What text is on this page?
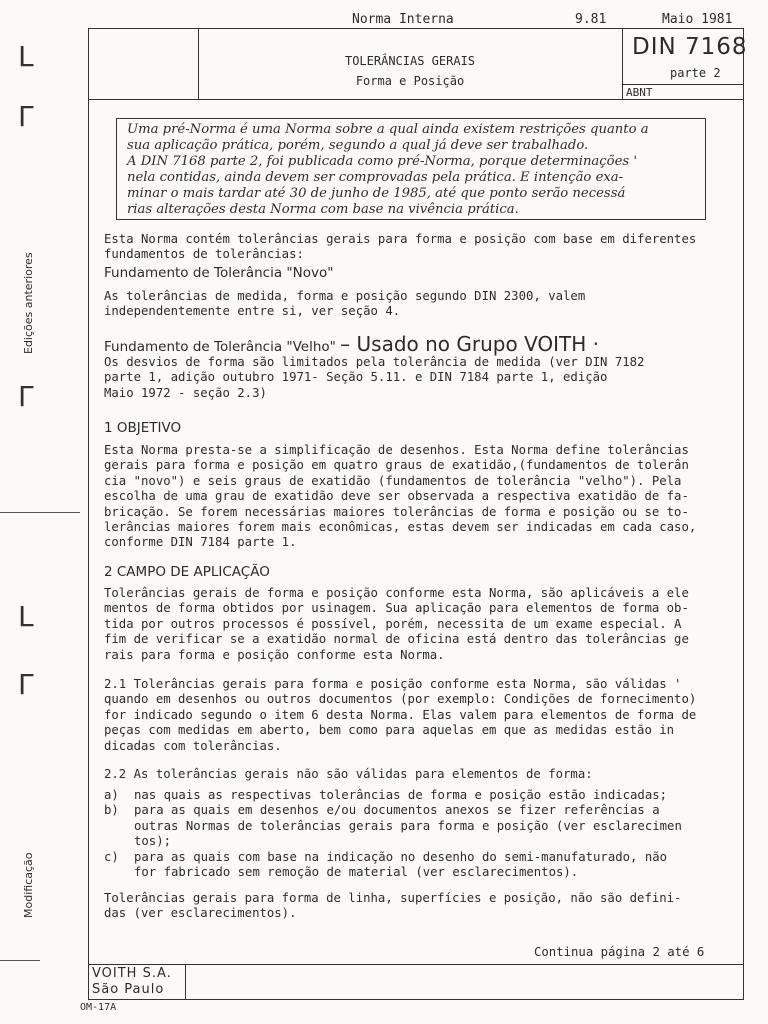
Norma Interna	9.81	Maio 1981
TOLERÂNCIAS GERAIS
Forma e Posição
DIN 7168
parte 2
ABNT
Uma pré-Norma é uma Norma sobre a qual ainda existem restrições quanto a
sua aplicação prática, porém, segundo a qual já deve ser trabalhado.
A DIN 7168 parte 2, foi publicada como pré-Norma, porque determinações '
nela contidas, ainda devem ser comprovadas pela prática. E intenção exa-
minar o mais tardar até 30 de junho de 1985, até que ponto serão necessá
rias alterações desta Norma com base na vivência prática.
Esta Norma contém tolerâncias gerais para forma e posição com base em diferentes
fundamentos de tolerâncias:
Fundamento de Tolerância "Novo"
As tolerâncias de medida, forma e posição segundo DIN 2300, valem
independentemente entre si, ver seção 4.
Fundamento de Tolerância "Velho" – Usado no Grupo VOITH ·
Os desvios de forma são limitados pela tolerância de medida (ver DIN 7182
parte 1, adição outubro 1971- Seção 5.11. e DIN 7184 parte 1, edição
Maio 1972 - seção 2.3)
1 OBJETIVO
Esta Norma presta-se a simplificação de desenhos. Esta Norma define tolerâncias
gerais para forma e posição em quatro graus de exatidão,(fundamentos de tolerân
cia "novo") e seis graus de exatidão (fundamentos de tolerância "velho"). Pela
escolha de uma grau de exatidão deve ser observada a respectiva exatidão de fa-
bricação. Se forem necessárias maiores tolerâncias de forma e posição ou se to-
lerâncias maiores forem mais econômicas, estas devem ser indicadas em cada caso,
conforme DIN 7184 parte 1.
2 CAMPO DE APLICAÇÃO
Tolerâncias gerais de forma e posição conforme esta Norma, são aplicáveis a ele
mentos de forma obtidos por usinagem. Sua aplicação para elementos de forma ob-
tida por outros processos é possível, porém, necessita de um exame especial. A
fim de verificar se a exatidão normal de oficina está dentro das tolerâncias ge
rais para forma e posição conforme esta Norma.
2.1 Tolerâncias gerais para forma e posição conforme esta Norma, são válidas '
quando em desenhos ou outros documentos (por exemplo: Condições de fornecimento)
for indicado segundo o item 6 desta Norma. Elas valem para elementos de forma de
peças com medidas em aberto, bem como para aquelas em que as medidas estão in
dicadas com tolerâncias.
2.2 As tolerâncias gerais não são válidas para elementos de forma:
a) nas quais as respectivas tolerâncias de forma e posição estão indicadas;
b) para as quais em desenhos e/ou documentos anexos se fizer referências a
outras Normas de tolerâncias gerais para forma e posição (ver esclarecimen
tos);
c) para as quais com base na indicação no desenho do semi-manufaturado, não
for fabricado sem remoção de material (ver esclarecimentos).
Tolerâncias gerais para forma de linha, superfícies e posição, não são defini-
das (ver esclarecimentos).
Continua página 2 até 6
VOITH S.A.
São Paulo
OM-17A
L
Γ
Edições anteriores
Γ
L
Γ
Modificação
